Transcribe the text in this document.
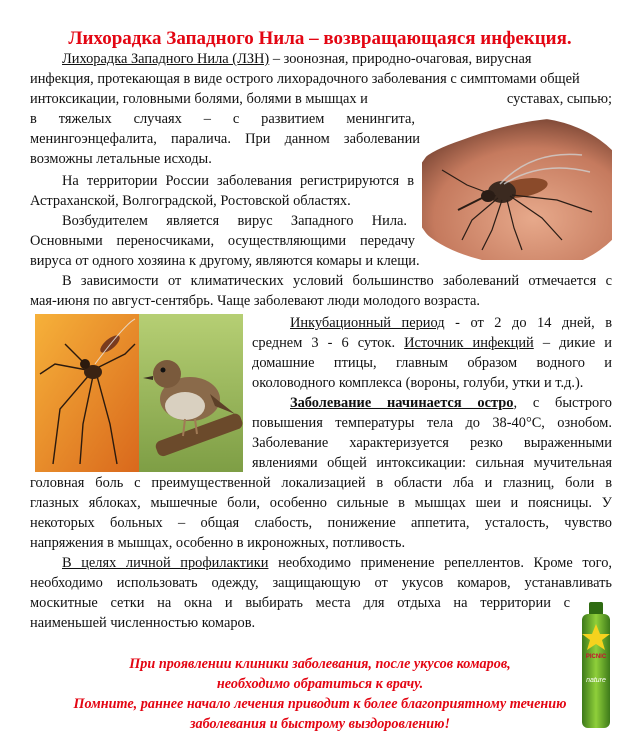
Лихорадка Западного Нила – возвращающаяся инфекция.
PICNIC
nature
Лихорадка Западного Нила (ЛЗН) – зоонозная, природно-очаговая, вирусная
инфекция, протекающая в виде острого лихорадочного заболевания с симптомами общей
интоксикации, головными болями, болями в мышцах и	суставах, сыпью;
в тяжелых случаях – с развитием менингита,
менингоэнцефалита, паралича. При данном заболевании
возможны летальные исходы.
На территории России заболевания регистрируются в
Астраханской, Волгоградской, Ростовской областях.
Возбудителем является вирус Западного Нила.
Основными переносчиками, осуществляющими передачу
вируса от одного хозяина к другому, являются комары и клещи.
В зависимости от климатических условий большинство заболеваний отмечается с
мая-июня по август-сентябрь. Чаще заболевают люди молодого возраста.
Инкубационный период - от 2 до 14 дней, в
среднем 3 - 6 суток. Источник инфекций – дикие и
домашние птицы, главным образом водного и
околоводного комплекса (вороны, голуби, утки и т.д.).
Заболевание начинается остро, с быстрого
повышения температуры тела до 38-40°С, ознобом.
Заболевание характеризуется резко выраженными
явлениями общей интоксикации: сильная мучительная
головная боль с преимущественной локализацией в области лба и глазниц, боли в
глазных яблоках, мышечные боли, особенно сильные в мышцах шеи и поясницы. У
некоторых больных – общая слабость, понижение аппетита, усталость, чувство
напряжения в мышцах, особенно в икроножных, потливость.
В целях личной профилактики необходимо применение репеллентов. Кроме того,
необходимо использовать одежду, защищающую от укусов комаров, устанавливать
москитные сетки на окна и выбирать места для отдыха на территории с
наименьшей численностью комаров.
При проявлении клиники заболевания, после укусов комаров,
необходимо обратиться к врачу.
Помните, раннее начало лечения приводит к более благоприятному течению
заболевания и быстрому выздоровлению!
